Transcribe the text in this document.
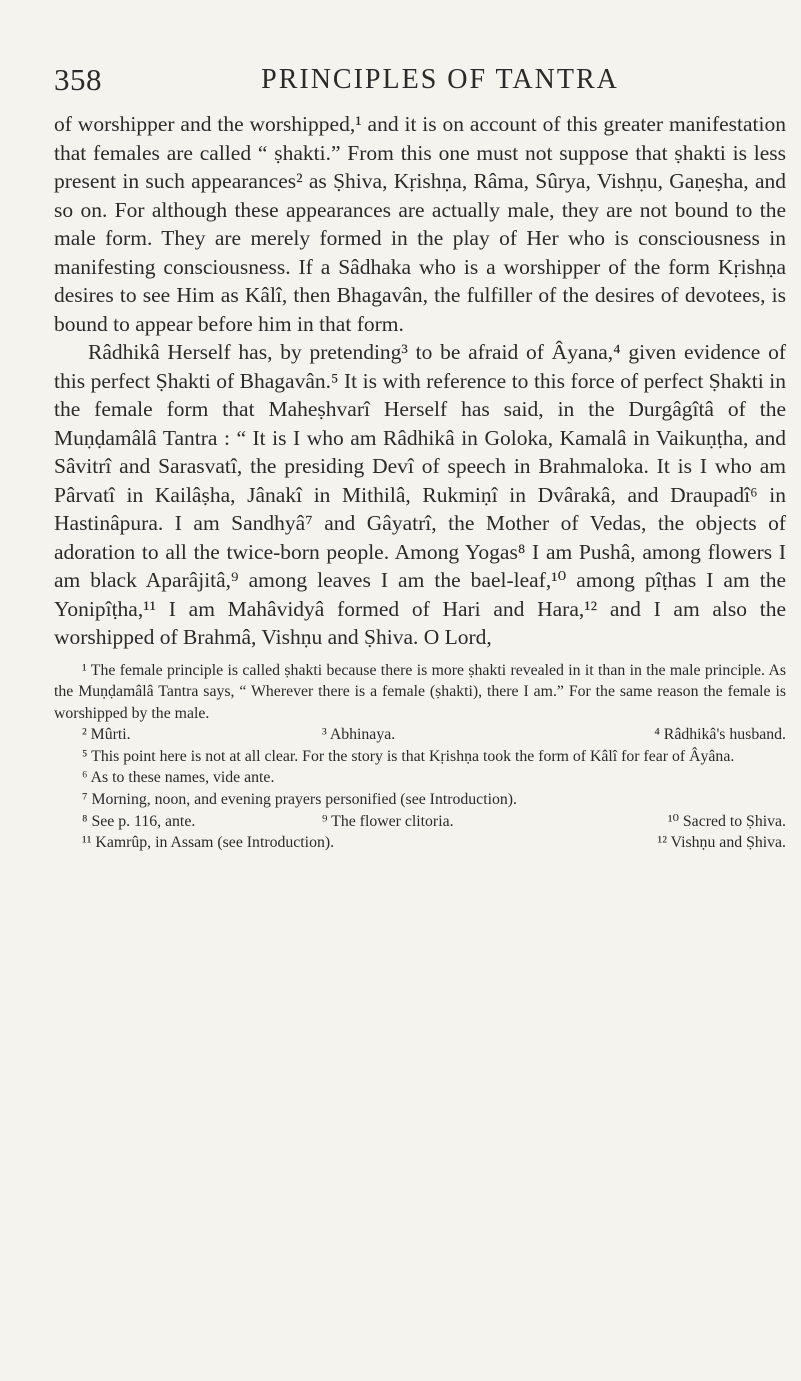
358	PRINCIPLES OF TANTRA

of worshipper and the worshipped,¹ and it is on account of this greater manifestation that females are called “ ṣhakti.” From this one must not suppose that ṣhakti is less present in such appearances² as Ṣhiva, Kṛishṇa, Râma, Sûrya, Vishṇu, Gaṇeṣha, and so on. For although these appearances are actually male, they are not bound to the male form. They are merely formed in the play of Her who is consciousness in manifesting consciousness. If a Sâdhaka who is a worshipper of the form Kṛishṇa desires to see Him as Kâlî, then Bhagavân, the fulfiller of the desires of devotees, is bound to appear before him in that form.

Râdhikâ Herself has, by pretending³ to be afraid of Âyana,⁴ given evidence of this perfect Ṣhakti of Bhagavân.⁵ It is with reference to this force of perfect Ṣhakti in the female form that Maheṣhvarî Herself has said, in the Durgâgîtâ of the Muṇḍamâlâ Tantra : “ It is I who am Râdhikâ in Goloka, Kamalâ in Vaikuṇṭha, and Sâvitrî and Sarasvatî, the presiding Devî of speech in Brahmaloka. It is I who am Pârvatî in Kailâṣha, Jânakî in Mithilâ, Rukmiṇî in Dvârakâ, and Draupadî⁶ in Hastinâpura. I am Sandhyâ⁷ and Gâyatrî, the Mother of Vedas, the objects of adoration to all the twice-born people. Among Yogas⁸ I am Pushâ, among flowers I am black Aparâjitâ,⁹ among leaves I am the bael-leaf,¹⁰ among pîṭhas I am the Yonipîṭha,¹¹ I am Mahâvidyâ formed of Hari and Hara,¹² and I am also the worshipped of Brahmâ, Vishṇu and Ṣhiva. O Lord,

¹ The female principle is called ṣhakti because there is more ṣhakti revealed in it than in the male principle. As the Muṇḍamâlâ Tantra says, “ Wherever there is a female (ṣhakti), there I am.” For the same reason the female is worshipped by the male.

² Mûrti.	³ Abhinaya.	⁴ Râdhikâ's husband.

⁵ This point here is not at all clear. For the story is that Kṛishṇa took the form of Kâlî for fear of Âyâna.

⁶ As to these names, vide ante.

⁷ Morning, noon, and evening prayers personified (see Introduction).

⁸ See p. 116, ante.	⁹ The flower clitoria.	¹⁰ Sacred to Ṣhiva.
¹¹ Kamrûp, in Assam (see Introduction).	¹² Vishṇu and Ṣhiva.
